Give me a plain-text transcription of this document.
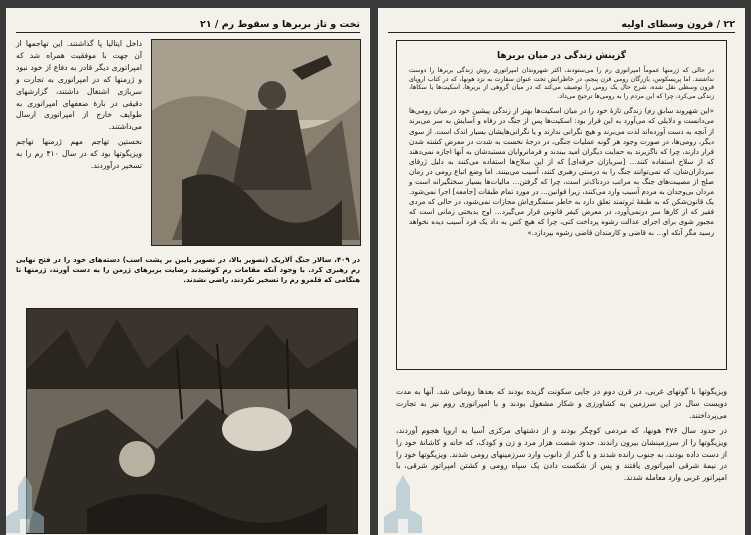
تخت و تاز بربرها و سقوط رم / ۲۱

داخل ایتالیا پا گذاشتند. این تهاجمها از آن جهت با موفقیت همراه شد که امپراتوری دیگر قادر به دفاع از خود نبود و ژرمنها که در امپراتوری به تجارت و سربازی اشتغال داشتند، گزارشهای دقیقی در بارهٔ ضعفهای امپراتوری به طوایف خارج از امپراتوری ارسال می‌داشتند.

نخستین تهاجم مهم ژرمنها تهاجم ویزیگوتها بود که در سال ۴۱۰ رم را به تسخیر درآوردند.

در ۴۰۹، سالار جنگ آلاریک (تصویر بالا، در تصویر پایین بر پشت اسب) دسته‌های خود را در فتح نهایی رم رهبری کرد. با وجود آنکه مقامات رم کوشیدند رضایت بربرهای ژرمن را به دست آورند، ژرمنها تا هنگامی که قلمرو رم را تسخیر نکردند، راضی نشدند.
۲۲ / قرون وسطای اولیه
گزینش زندگی در میان بربرها
در حالی که ژرمنها عموماً امپراتوری رم را می‌ستودند، اکثر شهروندان امپراتوری روش زندگی بربرها را دوست نداشتند. اما پریسکوس، بازرگان رومی قرن پنجم، در خاطراتش تحت عنوان سفارت به نزد هونها، که در کتاب اروپای قرون وسطی نقل شده، شرح حال یک رومی را توصیف می‌کند که در میان گروهی از بربرها، اسکیت‌ها یا سکاها، زندگی می‌کرد، چرا که این مردم را به رومی‌ها ترجیح می‌داد.
«این شهروند سابق رم) زندگی تازهٔ خود را در میان اسکیت‌ها بهتر از زندگی پیشین خود در میان رومی‌ها می‌دانست و دلایلی که می‌آورد به این قرار بود: اسکیت‌ها پس از جنگ در رفاه و آسایش به سر می‌برند از آنچه به دست آورده‌اند لذت می‌برند و هیچ نگرانی ندارند و یا نگرانی‌هایشان بسیار اندک است. از سوی دیگر، رومی‌ها، در صورت وجود هر گونه عملیات جنگی، در درجهٔ نخست به شدت در معرض کشته شدن قرار دارند، چرا که ناگزیرند به حمایت دیگران امید ببندند و فرمانروایان مستبدشان به آنها اجازه نمی‌دهند که از سلاح استفاده کنند… [سربازان حرفه‌ای] که از این سلاح‌ها استفاده می‌کنند به دلیل ژرفای سرداران‌شان، که نمی‌توانند جنگ را به درستی رهبری کنند، آسیب می‌بینند. اما وضع اتباع رومی در زمان صلح از مصیبت‌های جنگ به مراتب دردناک‌تر است، چرا که گرفتن… مالیات‌ها بسیار سختگیرانه است و مردان بی‌وجدان به مردم آسیب وارد می‌کنند، زیرا قوانین… در مورد تمام طبقات [جامعه] اجرا نمی‌شود. یک قانون‌شکن که به طبقهٔ ثروتمند تعلق دارد به خاطر ستمگری‌اش مجازات نمی‌شود، در حالی که مردی فقیر که از کارها سر درنمی‌آورد، در معرض کیفر قانونی قرار می‌گیرد… اوج بدبختی زمانی است که مجبور شوی برای اجرای عدالت رشوه پرداخت کنی، چرا که هیچ کس به داد یک فرد آسیب دیده نخواهد رسید مگر آنکه او… به قاضی و کارمندان قاضی رشوه بپردازد.»

ویزیگوتها با گوتهای غربی، در قرن دوم در جایی سکونت گزیده بودند که بعدها رومانی شد. آنها به مدت دویست سال در این سرزمین به کشاورزی و شکار مشغول بودند و با امپراتوری روم نیز به تجارت می‌پرداختند.

در حدود سال ۳۷۶ هونها، که مردمی کوچگر بودند و از دشتهای مرکزی آسیا به اروپا هجوم آوردند، ویزیگوتها را از سرزمینشان بیرون راندند. حدود شصت هزار مرد و زن و کودک، که خانه و کاشانهٔ خود را از دست داده بودند، به جنوب رانده شدند و با گذر از دانوب وارد سرزمینهای رومی شدند. ویزیگوتها خود را در نیمهٔ شرقی امپراتوری یافتند و پس از شکست دادن یک سپاه رومی و کشتن امپراتور شرقی، با امپراتور غربی وارد معامله شدند.
